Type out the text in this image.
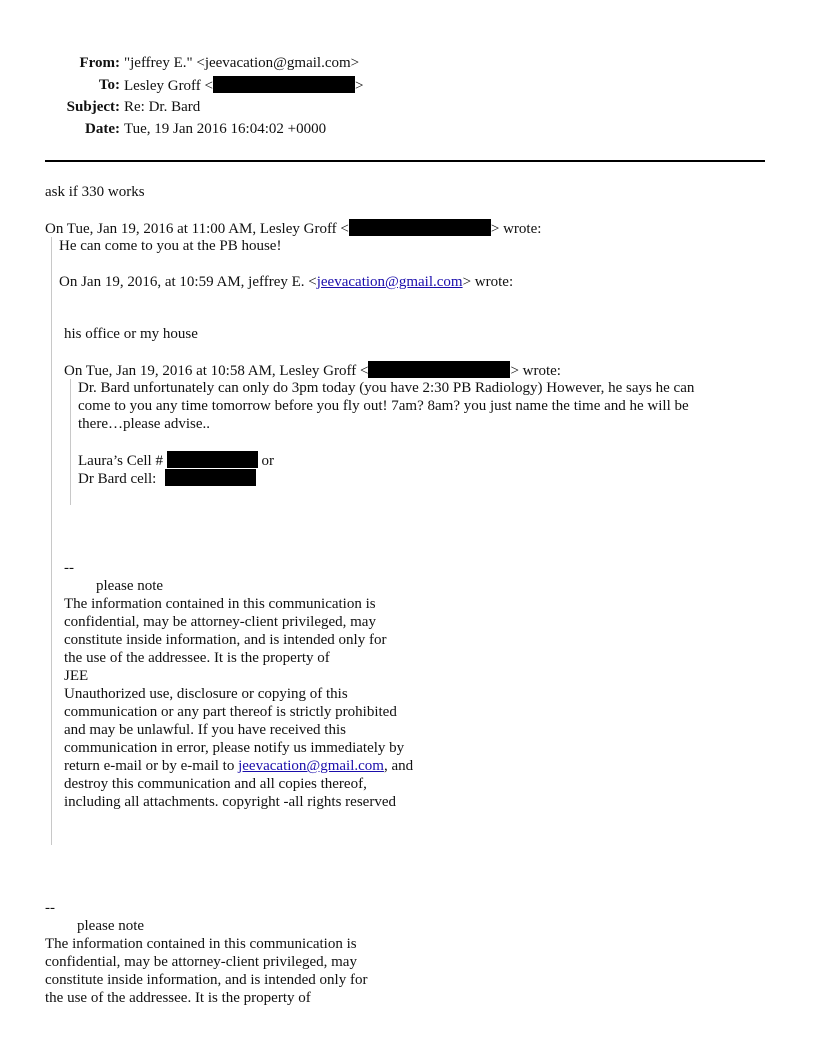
From: "jeffrey E." <jeevacation@gmail.com>
To: Lesley Groff <	>
Subject: Re: Dr. Bard
Date: Tue, 19 Jan 2016 16:04:02 +0000
ask if 330 works
On Tue, Jan 19, 2016 at 11:00 AM, Lesley Groff <	> wrote:
He can come to you at the PB house!
On Jan 19, 2016, at 10:59 AM, jeffrey E. <jeevacation@gmail.com> wrote:
his office or my house
On Tue, Jan 19, 2016 at 10:58 AM, Lesley Groff <	> wrote:
Dr. Bard unfortunately can only do 3pm today (you have 2:30 PB Radiology) However, he says he can
come to you any time tomorrow before you fly out! 7am? 8am? you just name the time and he will be
there…please advise..
Laura’s Cell #	or
Dr Bard cell:
--
please note
The information contained in this communication is
confidential, may be attorney-client privileged, may
constitute inside information, and is intended only for
the use of the addressee. It is the property of
JEE
Unauthorized use, disclosure or copying of this
communication or any part thereof is strictly prohibited
and may be unlawful. If you have received this
communication in error, please notify us immediately by
return e-mail or by e-mail to jeevacation@gmail.com, and
destroy this communication and all copies thereof,
including all attachments. copyright -all rights reserved
--
please note
The information contained in this communication is
confidential, may be attorney-client privileged, may
constitute inside information, and is intended only for
the use of the addressee. It is the property of
